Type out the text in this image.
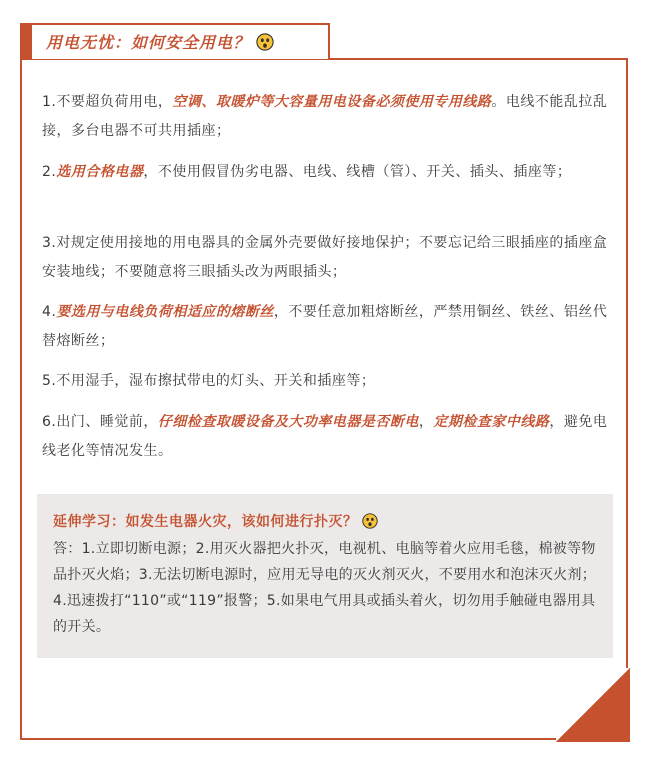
用电无忧：如何安全用电？
1.不要超负荷用电，空调、取暖炉等大容量用电设备必须使用专用线路。电线不能乱拉乱接，多台电器不可共用插座；
2.选用合格电器，不使用假冒伪劣电器、电线、线槽（管）、开关、插头、插座等；
3.对规定使用接地的用电器具的金属外壳要做好接地保护；不要忘记给三眼插座的插座盒安装地线；不要随意将三眼插头改为两眼插头；
4.要选用与电线负荷相适应的熔断丝，不要任意加粗熔断丝，严禁用铜丝、铁丝、铝丝代替熔断丝；
5.不用湿手，湿布擦拭带电的灯头、开关和插座等；
6.出门、睡觉前，仔细检查取暖设备及大功率电器是否断电，定期检查家中线路，避免电线老化等情况发生。
延伸学习：如发生电器火灾，该如何进行扑灭？
答：1.立即切断电源；2.用灭火器把火扑灭，电视机、电脑等着火应用毛毯，棉被等物品扑灭火焰；3.无法切断电源时，应用无导电的灭火剂灭火，不要用水和泡沫灭火剂；4.迅速拨打“110”或“119”报警；5.如果电气用具或插头着火，切勿用手触碰电器用具的开关。
